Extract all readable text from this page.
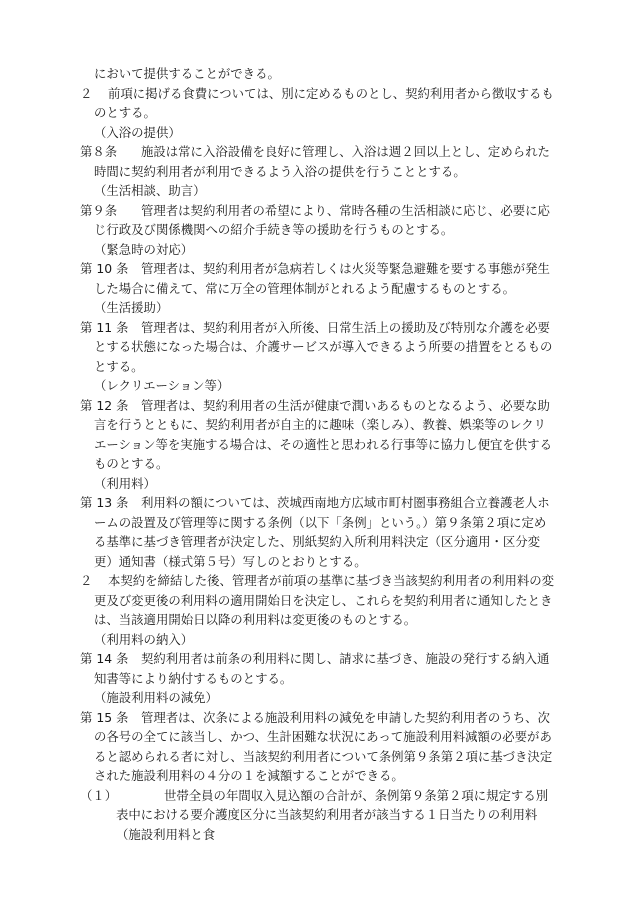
において提供することができる。

２	前項に掲げる食費については、別に定めるものとし、契約利用者から徴収するものとする。

（入浴の提供）

第８条	施設は常に入浴設備を良好に管理し、入浴は週２回以上とし、定められた時間に契約利用者が利用できるよう入浴の提供を行うこととする。

（生活相談、助言）

第９条	管理者は契約利用者の希望により、常時各種の生活相談に応じ、必要に応じ行政及び関係機関への紹介手続き等の援助を行うものとする。

（緊急時の対応）

第 10 条	管理者は、契約利用者が急病若しくは火災等緊急避難を要する事態が発生した場合に備えて、常に万全の管理体制がとれるよう配慮するものとする。

（生活援助）

第 11 条	管理者は、契約利用者が入所後、日常生活上の援助及び特別な介護を必要とする状態になった場合は、介護サービスが導入できるよう所要の措置をとるものとする。

（レクリエーション等）

第 12 条	管理者は、契約利用者の生活が健康で潤いあるものとなるよう、必要な助言を行うとともに、契約利用者が自主的に趣味（楽しみ）、教養、娯楽等のレクリエーション等を実施する場合は、その適性と思われる行事等に協力し便宜を供するものとする。

（利用料）

第 13 条	利用料の額については、茨城西南地方広域市町村圏事務組合立養護老人ホームの設置及び管理等に関する条例（以下「条例」という。）第９条第２項に定める基準に基づき管理者が決定した、別紙契約入所利用料決定（区分適用・区分変更）通知書（様式第５号）写しのとおりとする。

２	本契約を締結した後、管理者が前項の基準に基づき当該契約利用者の利用料の変更及び変更後の利用料の適用開始日を決定し、これらを契約利用者に通知したときは、当該適用開始日以降の利用料は変更後のものとする。

（利用料の納入）

第 14 条	契約利用者は前条の利用料に関し、請求に基づき、施設の発行する納入通知書等により納付するものとする。

（施設利用料の減免）

第 15 条	管理者は、次条による施設利用料の減免を申請した契約利用者のうち、次の各号の全てに該当し、かつ、生計困難な状況にあって施設利用料減額の必要があると認められる者に対し、当該契約利用者について条例第９条第２項に基づき決定された施設利用料の４分の１を減額することができる。

（１）	世帯全員の年間収入見込額の合計が、条例第９条第２項に規定する別表中における要介護度区分に当該契約利用者が該当する１日当たりの利用料（施設利用料と食
